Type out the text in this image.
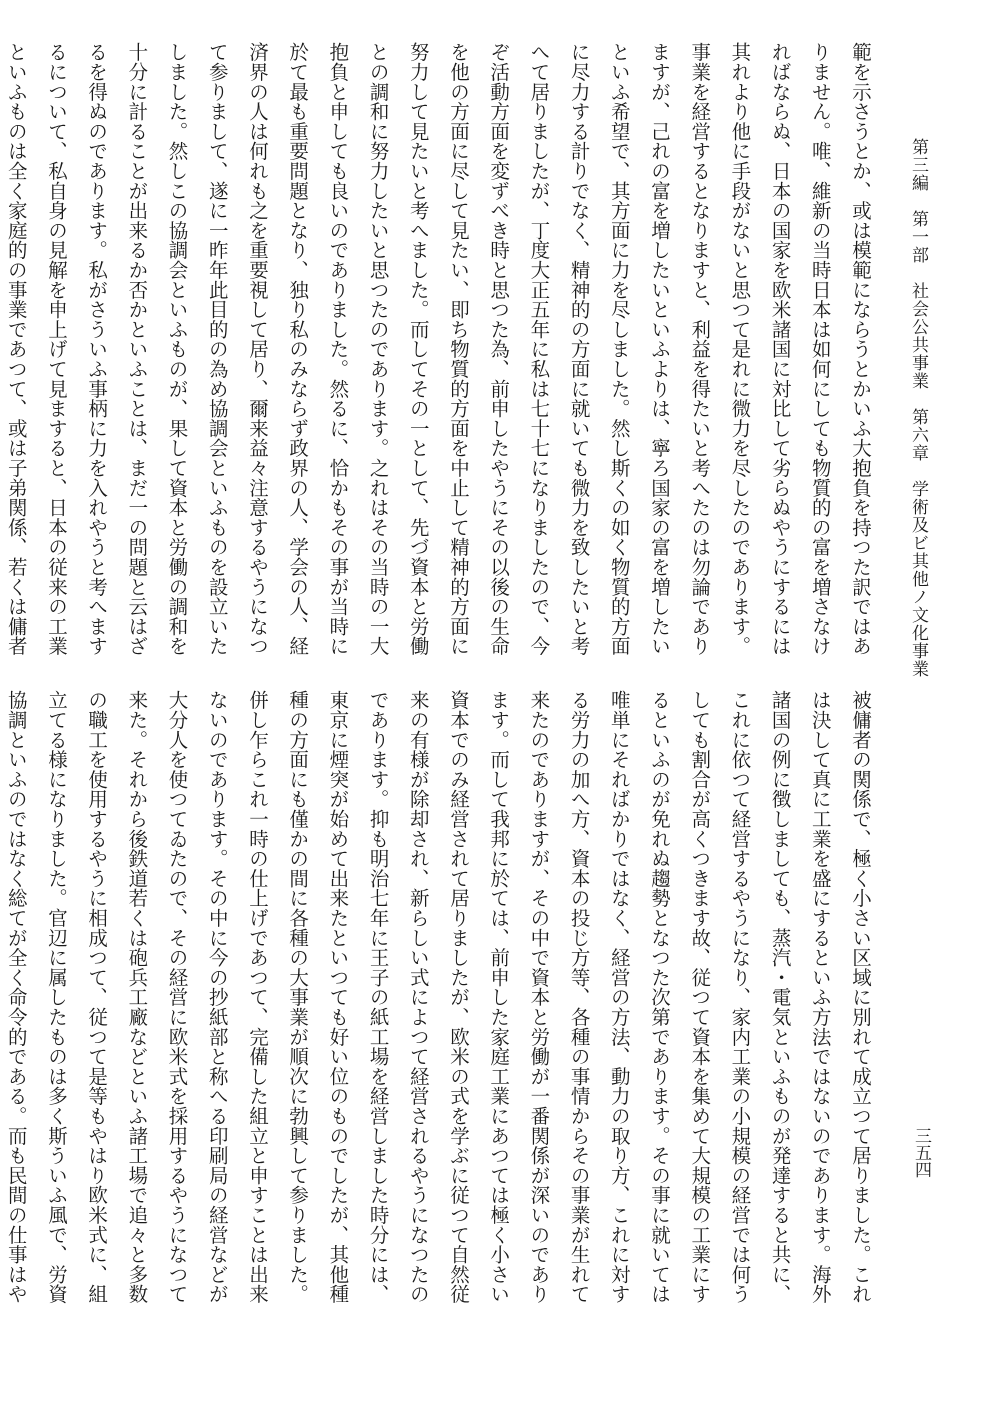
第三編　第一部　社会公共事業　第六章　学術及ビ其他ノ文化事業
三五四
範を示さうとか、或は模範にならうとかいふ大抱負を持つた訳ではあ
りません。唯、維新の当時日本は如何にしても物質的の富を増さなけ
ればならぬ、日本の国家を欧米諸国に対比して劣らぬやうにするには
其れより他に手段がないと思つて是れに微力を尽したのであります。
事業を経営するとなりますと、利益を得たいと考へたのは勿論であり
ますが、己れの富を増したいといふよりは、寧ろ国家の富を増したい
といふ希望で、其方面に力を尽しました。然し斯くの如く物質的方面
に尽力する計りでなく、精神的の方面に就いても微力を致したいと考
へて居りましたが、丁度大正五年に私は七十七になりましたので、今
ぞ活動方面を変ずべき時と思つた為、前申したやうにその以後の生命
を他の方面に尽して見たい、即ち物質的方面を中止して精神的方面に
努力して見たいと考へました。而してその一として、先づ資本と労働
との調和に努力したいと思つたのであります。之れはその当時の一大
抱負と申しても良いのでありました。然るに、恰かもその事が当時に
於て最も重要問題となり、独り私のみならず政界の人、学会の人、経
済界の人は何れも之を重要視して居り、爾来益々注意するやうになつ
て参りまして、遂に一昨年此目的の為め協調会といふものを設立いた
しました。然しこの協調会といふものが、果して資本と労働の調和を
十分に計ることが出来るか否かといふことは、まだ一の問題と云はざ
るを得ぬのであります。私がさういふ事柄に力を入れやうと考へます
るについて、私自身の見解を申上げて見ますると、日本の従来の工業
といふものは全く家庭的の事業であつて、或は子弟関係、若くは傭者
被傭者の関係で、極く小さい区域に別れて成立つて居りました。これ
は決して真に工業を盛にするといふ方法ではないのであります。海外
諸国の例に徴しましても、蒸汽・電気といふものが発達すると共に、
これに依つて経営するやうになり、家内工業の小規模の経営では何う
しても割合が高くつきます故、従つて資本を集めて大規模の工業にす
るといふのが免れぬ趨勢となつた次第であります。その事に就いては
唯単にそればかりではなく、経営の方法、動力の取り方、これに対す
る労力の加へ方、資本の投じ方等、各種の事情からその事業が生れて
来たのでありますが、その中で資本と労働が一番関係が深いのであり
ます。而して我邦に於ては、前申した家庭工業にあつては極く小さい
資本でのみ経営されて居りましたが、欧米の式を学ぶに従つて自然従
来の有様が除却され、新らしい式によつて経営されるやうになつたの
であります。抑も明治七年に王子の紙工場を経営しました時分には、
東京に煙突が始めて出来たといつても好い位のものでしたが、其他種
種の方面にも僅かの間に各種の大事業が順次に勃興して参りました。
併し乍らこれ一時の仕上げであつて、完備した組立と申すことは出来
ないのであります。その中に今の抄紙部と称へる印刷局の経営などが
大分人を使つてゐたので、その経営に欧米式を採用するやうになつて
来た。それから後鉄道若くは砲兵工廠などといふ諸工場で追々と多数
の職工を使用するやうに相成つて、従つて是等もやはり欧米式に、組
立てる様になりました。官辺に属したものは多く斯ういふ風で、労資
協調といふのではなく総てが全く命令的である。而も民間の仕事はや
